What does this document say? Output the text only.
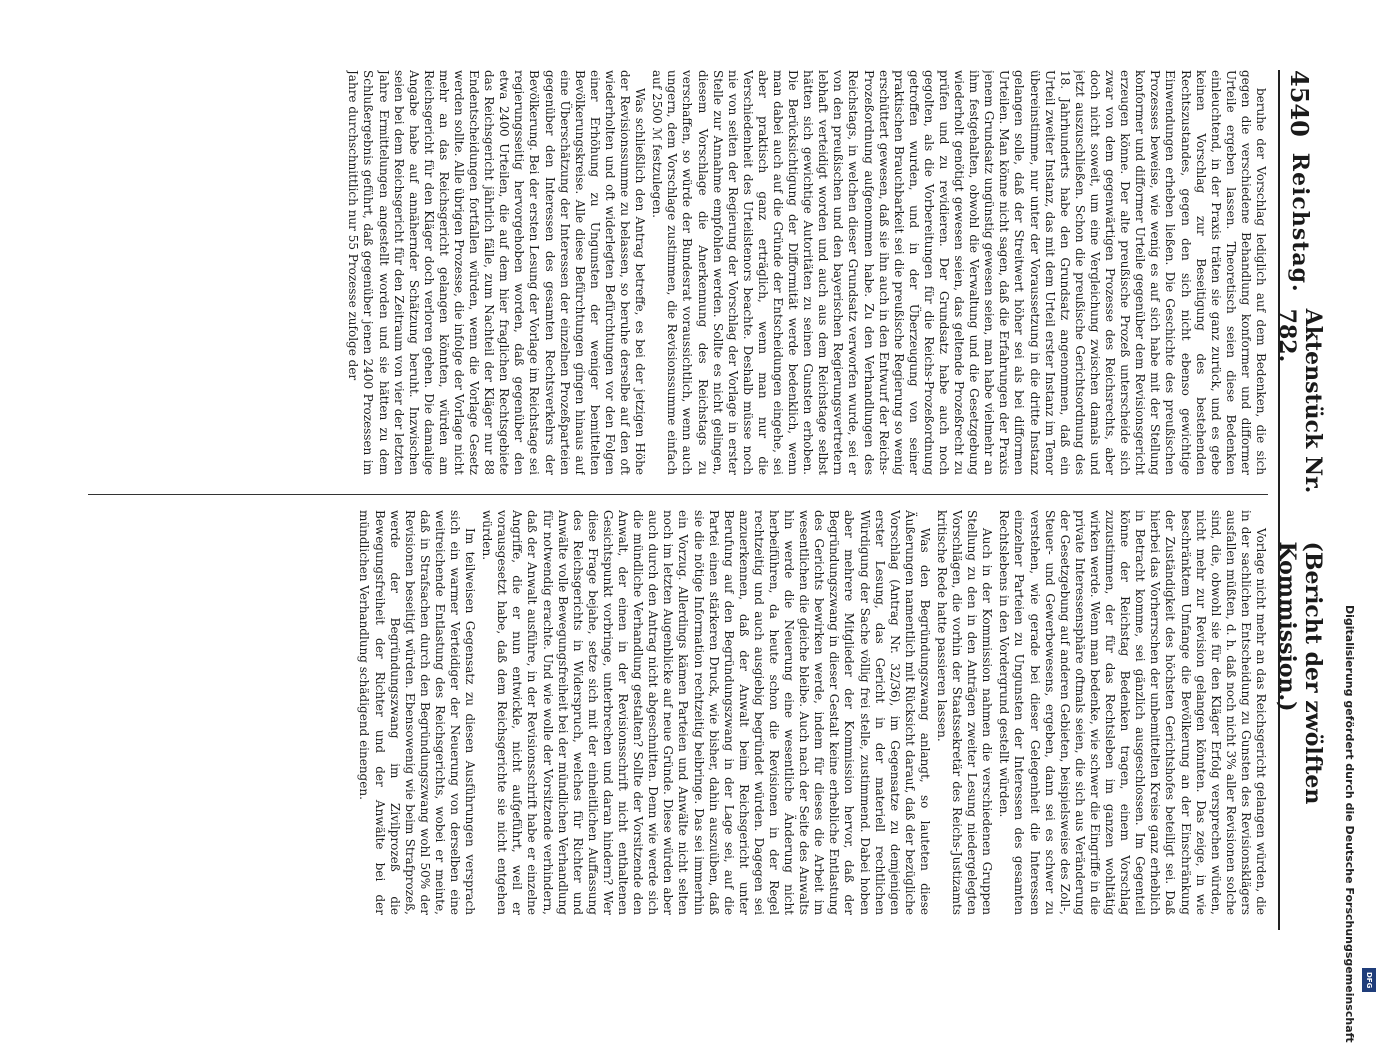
4540
Reichstag.
Aktenstück Nr. 782.
(Bericht der zwölften Kommission.)

beruhe der Vorschlag lediglich auf dem Bedenken, die sich gegen die verschiedene Behandlung konformer und difformer Urteile ergeben lassen. Theoretisch seien diese Bedenken einleuchtend, in der Praxis träten sie ganz zurück, und es gebe keinen Vorschlag zur Beseitigung des bestehenden Rechtszustandes, gegen den sich nicht ebenso gewichtige Einwendungen erheben ließen. Die Geschichte des preußischen Prozesses beweise, wie wenig es auf sich habe mit der Stellung konformer und difformer Urteile gegenüber dem Revisionsgericht erzeugen könne. Der alte preußische Prozeß unterscheide sich zwar von dem gegenwärtigen Prozesse des Reichsrechts, aber doch nicht soweit, um eine Vergleichung zwischen damals und jetzt auszuschließen. Schon die preußische Gerichtsordnung des 18. Jahrhunderts habe den Grundsatz angenommen, daß ein Urteil zweiter Instanz, das mit dem Urteil erster Instanz im Tenor übereinstimme, nur unter der Voraussetzung in die dritte Instanz gelangen solle, daß der Streitwert höher sei als bei difformen Urteilen. Man könne nicht sagen, daß die Erfahrungen der Praxis jenem Grundsatz ungünstig gewesen seien, man habe vielmehr an ihm festgehalten, obwohl die Verwaltung und die Gesetzgebung wiederholt genötigt gewesen seien, das geltende Prozeßrecht zu prüfen und zu revidieren. Der Grundsatz habe auch noch gegolten, als die Vorbereitungen für die Reichs-Prozeßordnung getroffen wurden, und in der Überzeugung von seiner praktischen Brauchbarkeit sei die preußische Regierung so wenig erschüttert gewesen, daß sie ihn auch in den Entwurf der Reichs-Prozeßordnung aufgenommen habe. Zu den Verhandlungen des Reichstags, in welchen dieser Grundsatz verworfen wurde, sei er von den preußischen und den bayerischen Regierungsvertretern lebhaft verteidigt worden und auch aus dem Reichstage selbst hätten sich gewichtige Autoritäten zu seinen Gunsten erhoben. Die Berücksichtigung der Difformität werde bedenklich, wenn man dabei auch auf die Gründe der Entscheidungen eingehe, sei aber praktisch ganz erträglich, wenn man nur die Verschiedenheit des Urteilstenors beachte. Deshalb müsse noch nie von seiten der Regierung der Vorschlag der Vorlage in erster Stelle zur Annahme empfohlen werden. Sollte es nicht gelingen, diesem Vorschlage die Anerkennung des Reichstags zu verschaffen, so würde der Bundesrat voraussichtlich, wenn auch ungern, dem Vorschlage zustimmen, die Revisionssumme einfach auf 2500 ℳ festzulegen.

Was schließlich den Antrag betreffe, es bei der jetzigen Höhe der Revisionssumme zu belassen, so beruhe derselbe auf den oft wiederholten und oft widerlegten Befürchtungen vor den Folgen einer Erhöhung zu Ungunsten der weniger bemittelten Bevölkerungskreise. Alle diese Befürchtungen gingen hinaus auf eine Überschätzung der Interessen der einzelnen Prozeßparteien gegenüber den Interessen des gesamten Rechtsverkehrs der Bevölkerung. Bei der ersten Lesung der Vorlage im Reichstage sei regierungsseitig hervorgehoben worden, daß gegenüber den etwa 2400 Urteilen, die auf dem hier fraglichen Rechtsgebiete das Reichsgericht jährlich fälle, zum Nachteil der Kläger nur 88 Endentscheidungen fortfallen würden, wenn die Vorlage Gesetz werden sollte. Alle übrigen Prozesse, die infolge der Vorlage nicht mehr an das Reichsgericht gelangen könnten, würden am Reichsgericht für den Kläger doch verloren gehen. Die damalige Angabe habe auf annähernder Schätzung beruht. Inzwischen seien bei dem Reichsgericht für den Zeitraum von vier der letzten Jahre Ermittelungen angestellt worden und sie hätten zu dem Schlußergebnis geführt, daß gegenüber jenen 2400 Prozessen im Jahre durchschnittlich nur 55 Prozesse zufolge der

Vorlage nicht mehr an das Reichsgericht gelangen würden, die in der sachlichen Entscheidung zu Gunsten des Revisionsklägers ausfallen müßten, d. h. daß noch nicht 3% aller Revisionen solche sind, die, obwohl sie für den Kläger Erfolg versprechen würden, nicht mehr zur Revision gelangen könnten. Das zeige, in wie beschränktem Umfange die Bevölkerung an der Einschränkung der Zuständigkeit des höchsten Gerichtshofes beteiligt sei. Daß hierbei das Vorherrschen der unbemittelten Kreise ganz erheblich in Betracht komme, sei gänzlich ausgeschlossen. Im Gegenteil könne der Reichstag Bedenken tragen, einem Vorschlag zuzustimmen, der für das Rechtsleben im ganzen wohltätig wirken werde. Wenn man bedenke, wie schwer die Eingriffe in die private Interessensphäre oftmals seien, die sich aus Veränderung der Gesetzgebung auf anderen Gebieten, beispielsweise des Zoll-, Steuer- und Gewerbewesens, ergeben, dann sei es schwer zu verstehen, wie gerade bei dieser Gelegenheit die Interessen einzelner Parteien zu Ungunsten der Interessen des gesamten Rechtslebens in den Vordergrund gestellt würden.

Auch in der Kommission nahmen die verschiedenen Gruppen Stellung zu den in den Anträgen zweiter Lesung niedergelegten Vorschlägen, die vorhin der Staatssekretär des Reichs-Justizamts kritische Rede hatte passieren lassen.

Was den Begründungszwang anlangt, so lauteten diese Äußerungen namentlich mit Rücksicht darauf, daß der bezügliche Vorschlag (Antrag Nr. 32/36), im Gegensatze zu demjenigen erster Lesung, das Gericht in der materiell rechtlichen Würdigung der Sache völlig frei stelle, zustimmend. Dabei hoben aber mehrere Mitglieder der Kommission hervor, daß der Begründungszwang in dieser Gestalt keine erhebliche Entlastung des Gerichts bewirken werde, indem für dieses die Arbeit im wesentlichen die gleiche bleibe. Auch nach der Seite des Anwalts hin werde die Neuerung eine wesentliche Änderung nicht herbeiführen, da heute schon die Revisionen in der Regel rechtzeitig und auch ausgiebig begründet würden. Dagegen sei anzuerkennen, daß der Anwalt beim Reichsgericht unter Berufung auf den Begründungszwang in der Lage sei, auf die Partei einen stärkeren Druck, wie bisher, dahin auszuüben, daß sie die nötige Information rechtzeitig beibringe. Das sei immerhin ein Vorzug. Allerdings kämen Parteien und Anwälte nicht selten noch im letzten Augenblicke auf neue Gründe. Diese würden aber auch durch den Antrag nicht abgeschnitten. Denn wie werde sich die mündliche Verhandlung gestalten? Sollte der Vorsitzende den Anwalt, der einen in der Revisionsschrift nicht enthaltenen Gesichtspunkt vorbringe, unterbrechen und daran hindern? Wer diese Frage bejahe, setze sich mit der einheitlichen Auffassung des Reichsgerichts in Widerspruch, welches für Richter und Anwälte volle Bewegungsfreiheit bei der mündlichen Verhandlung für notwendig erachte. Und wie wolle der Vorsitzende verhindern, daß der Anwalt ausführe, in der Revisionsschrift habe er einzelne Angriffe, die er nun entwickle, nicht aufgeführt, weil er vorausgesetzt habe, daß dem Reichsgerichte sie nicht entgehen würden.

Im teilweisen Gegensatz zu diesen Ausführungen versprach sich ein warmer Verteidiger der Neuerung von derselben eine weitreichende Entlastung des Reichsgerichts, wobei er meinte, daß in Strafsachen durch den Begründungszwang wohl 50% der Revisionen beseitigt würden. Ebensowenig wie beim Strafprozeß, werde der Begründungszwang im Zivilprozeß die Bewegungsfreiheit der Richter und der Anwälte bei der mündlichen Verhandlung schädigend einengen.	Digitalisierung gefördert durch die Deutsche Forschungsgemeinschaft	DFG
